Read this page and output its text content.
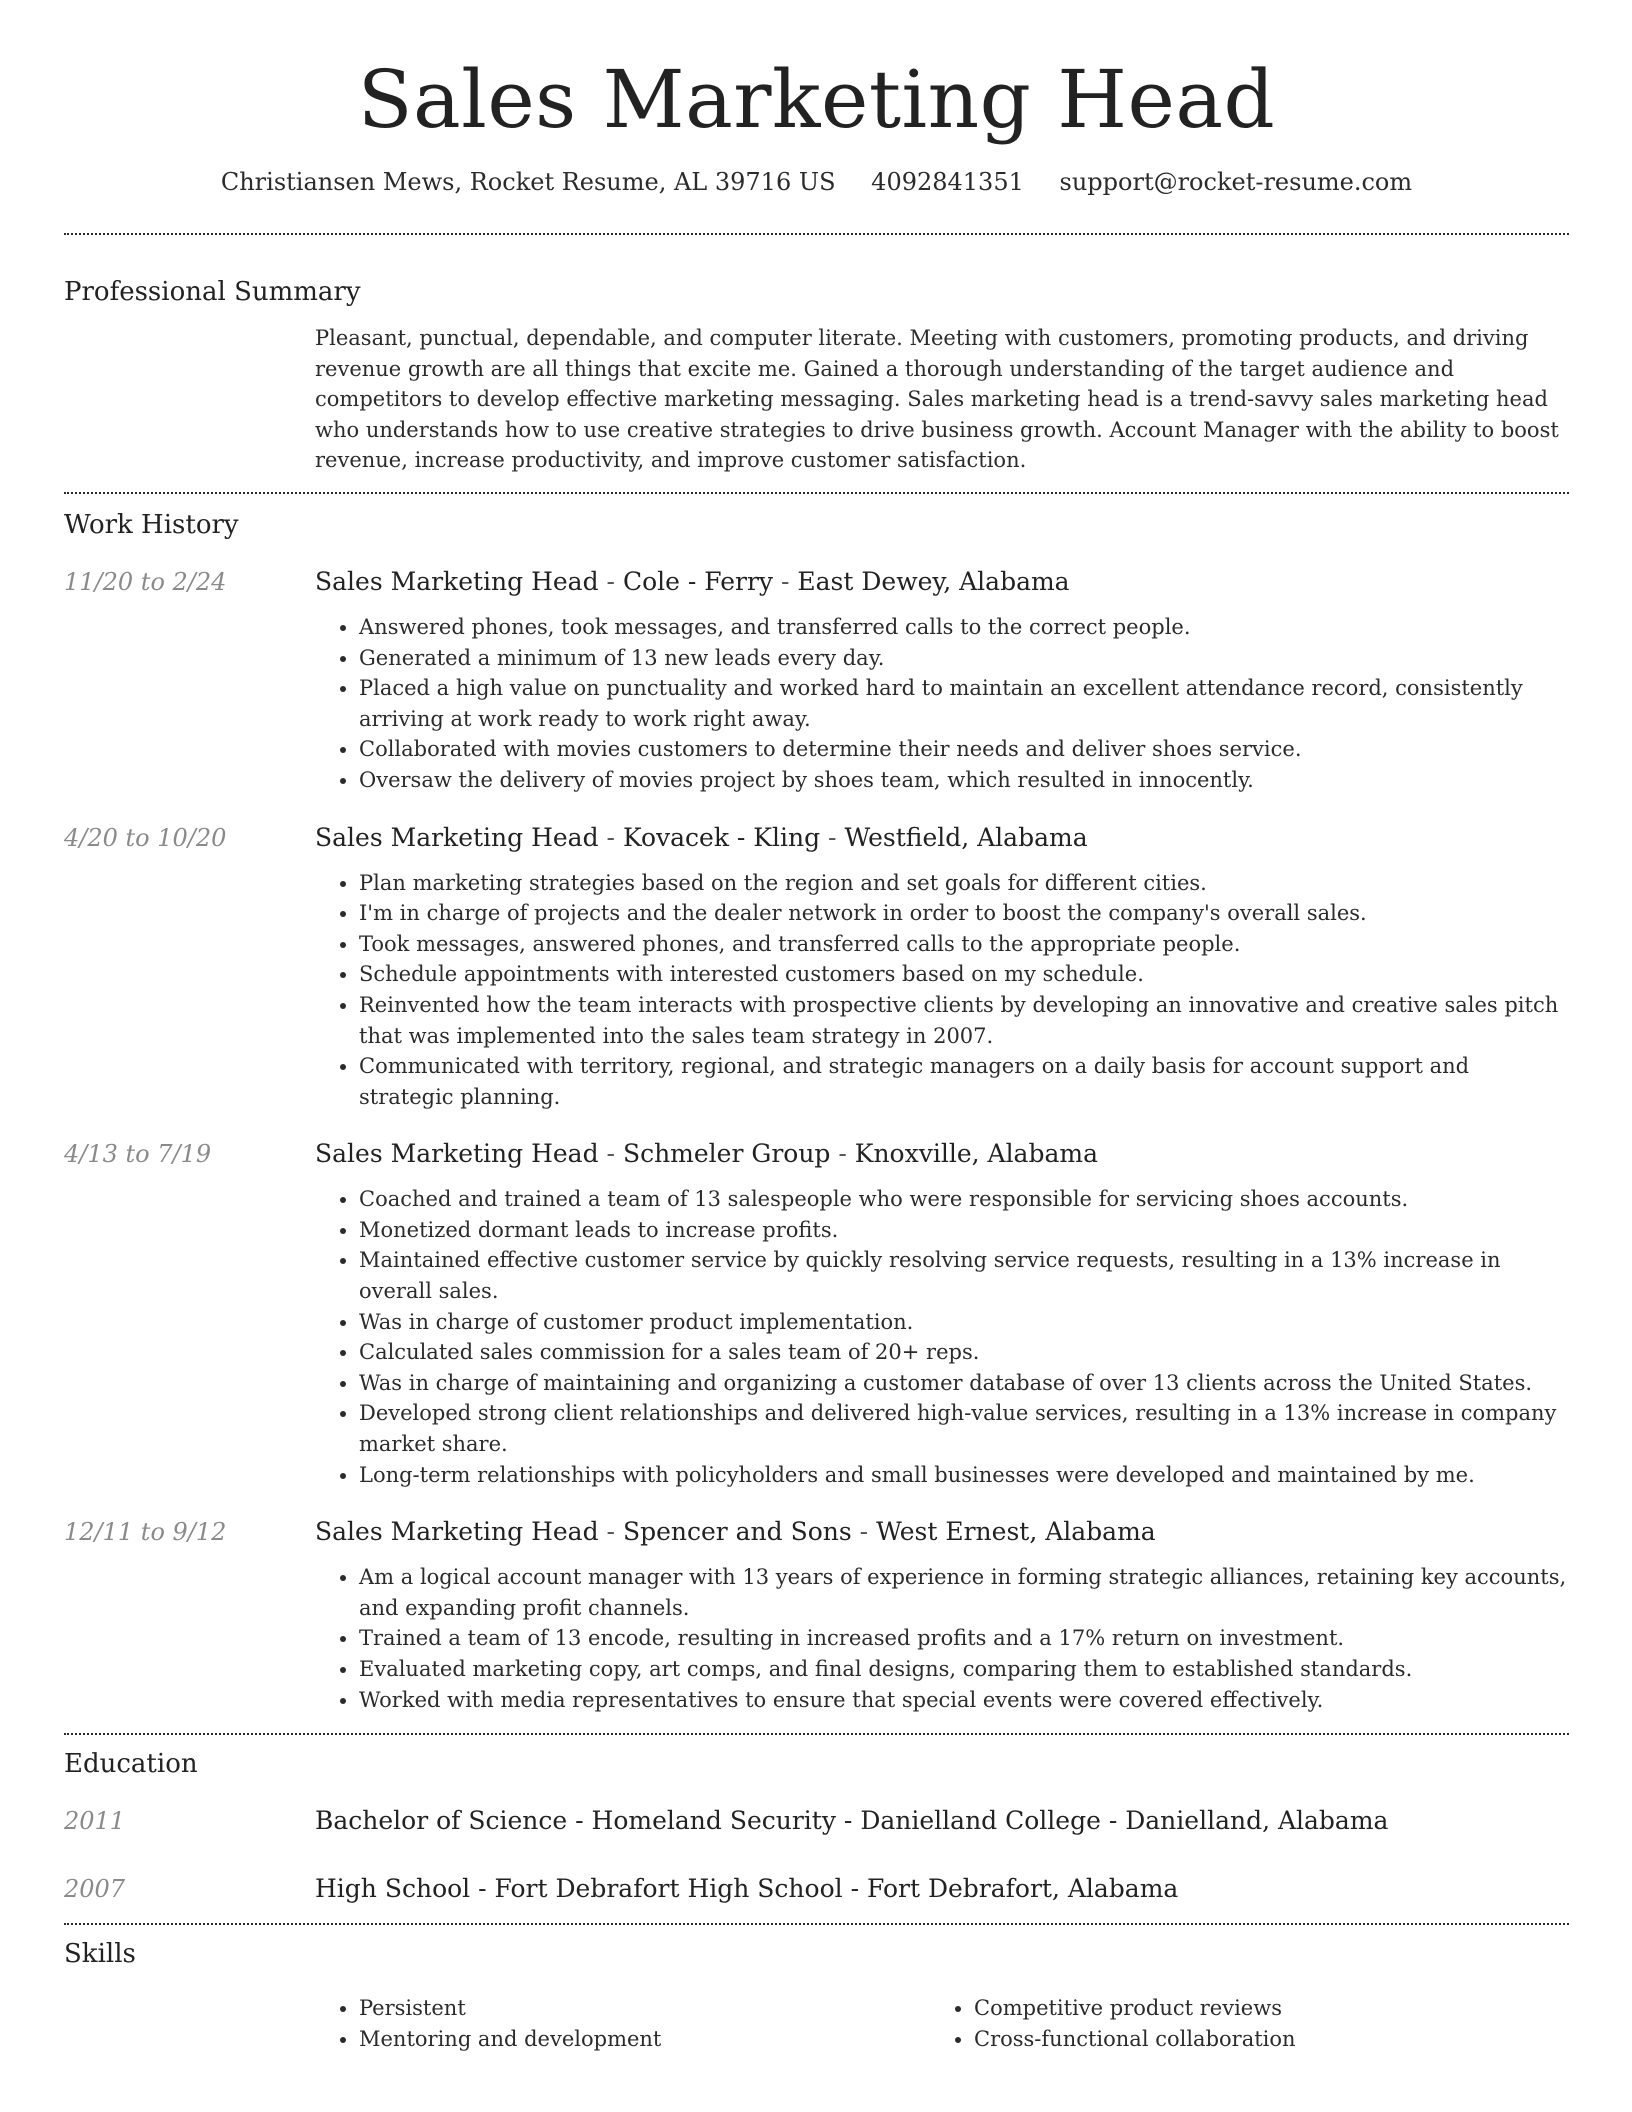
Sales Marketing Head
Christiansen Mews, Rocket Resume, AL 39716 US 4092841351 support@rocket-resume.com
Professional Summary

Pleasant, punctual, dependable, and computer literate. Meeting with customers, promoting products, and driving revenue growth are all things that excite me. Gained a thorough understanding of the target audience and competitors to develop effective marketing messaging. Sales marketing head is a trend-savvy sales marketing head who understands how to use creative strategies to drive business growth. Account Manager with the ability to boost revenue, increase productivity, and improve customer satisfaction.

Work History
11/20 to 2/24	Sales Marketing Head - Cole - Ferry - East Dewey, Alabama
• Answered phones, took messages, and transferred calls to the correct people.
• Generated a minimum of 13 new leads every day.
• Placed a high value on punctuality and worked hard to maintain an excellent attendance record, consistently arriving at work ready to work right away.
• Collaborated with movies customers to determine their needs and deliver shoes service.
• Oversaw the delivery of movies project by shoes team, which resulted in innocently.
4/20 to 10/20	Sales Marketing Head - Kovacek - Kling - Westfield, Alabama
• Plan marketing strategies based on the region and set goals for different cities.
• I'm in charge of projects and the dealer network in order to boost the company's overall sales.
• Took messages, answered phones, and transferred calls to the appropriate people.
• Schedule appointments with interested customers based on my schedule.
• Reinvented how the team interacts with prospective clients by developing an innovative and creative sales pitch that was implemented into the sales team strategy in 2007.
• Communicated with territory, regional, and strategic managers on a daily basis for account support and strategic planning.
4/13 to 7/19	Sales Marketing Head - Schmeler Group - Knoxville, Alabama
• Coached and trained a team of 13 salespeople who were responsible for servicing shoes accounts.
• Monetized dormant leads to increase profits.
• Maintained effective customer service by quickly resolving service requests, resulting in a 13% increase in overall sales.
• Was in charge of customer product implementation.
• Calculated sales commission for a sales team of 20+ reps.
• Was in charge of maintaining and organizing a customer database of over 13 clients across the United States.
• Developed strong client relationships and delivered high-value services, resulting in a 13% increase in company market share.
• Long-term relationships with policyholders and small businesses were developed and maintained by me.
12/11 to 9/12	Sales Marketing Head - Spencer and Sons - West Ernest, Alabama
• Am a logical account manager with 13 years of experience in forming strategic alliances, retaining key accounts, and expanding profit channels.
• Trained a team of 13 encode, resulting in increased profits and a 17% return on investment.
• Evaluated marketing copy, art comps, and final designs, comparing them to established standards.
• Worked with media representatives to ensure that special events were covered effectively.
Education
2011	Bachelor of Science - Homeland Security - Danielland College - Danielland, Alabama
2007	High School - Fort Debrafort High School - Fort Debrafort, Alabama
Skills
• Persistent
• Mentoring and development
• Competitive product reviews
• Cross-functional collaboration
